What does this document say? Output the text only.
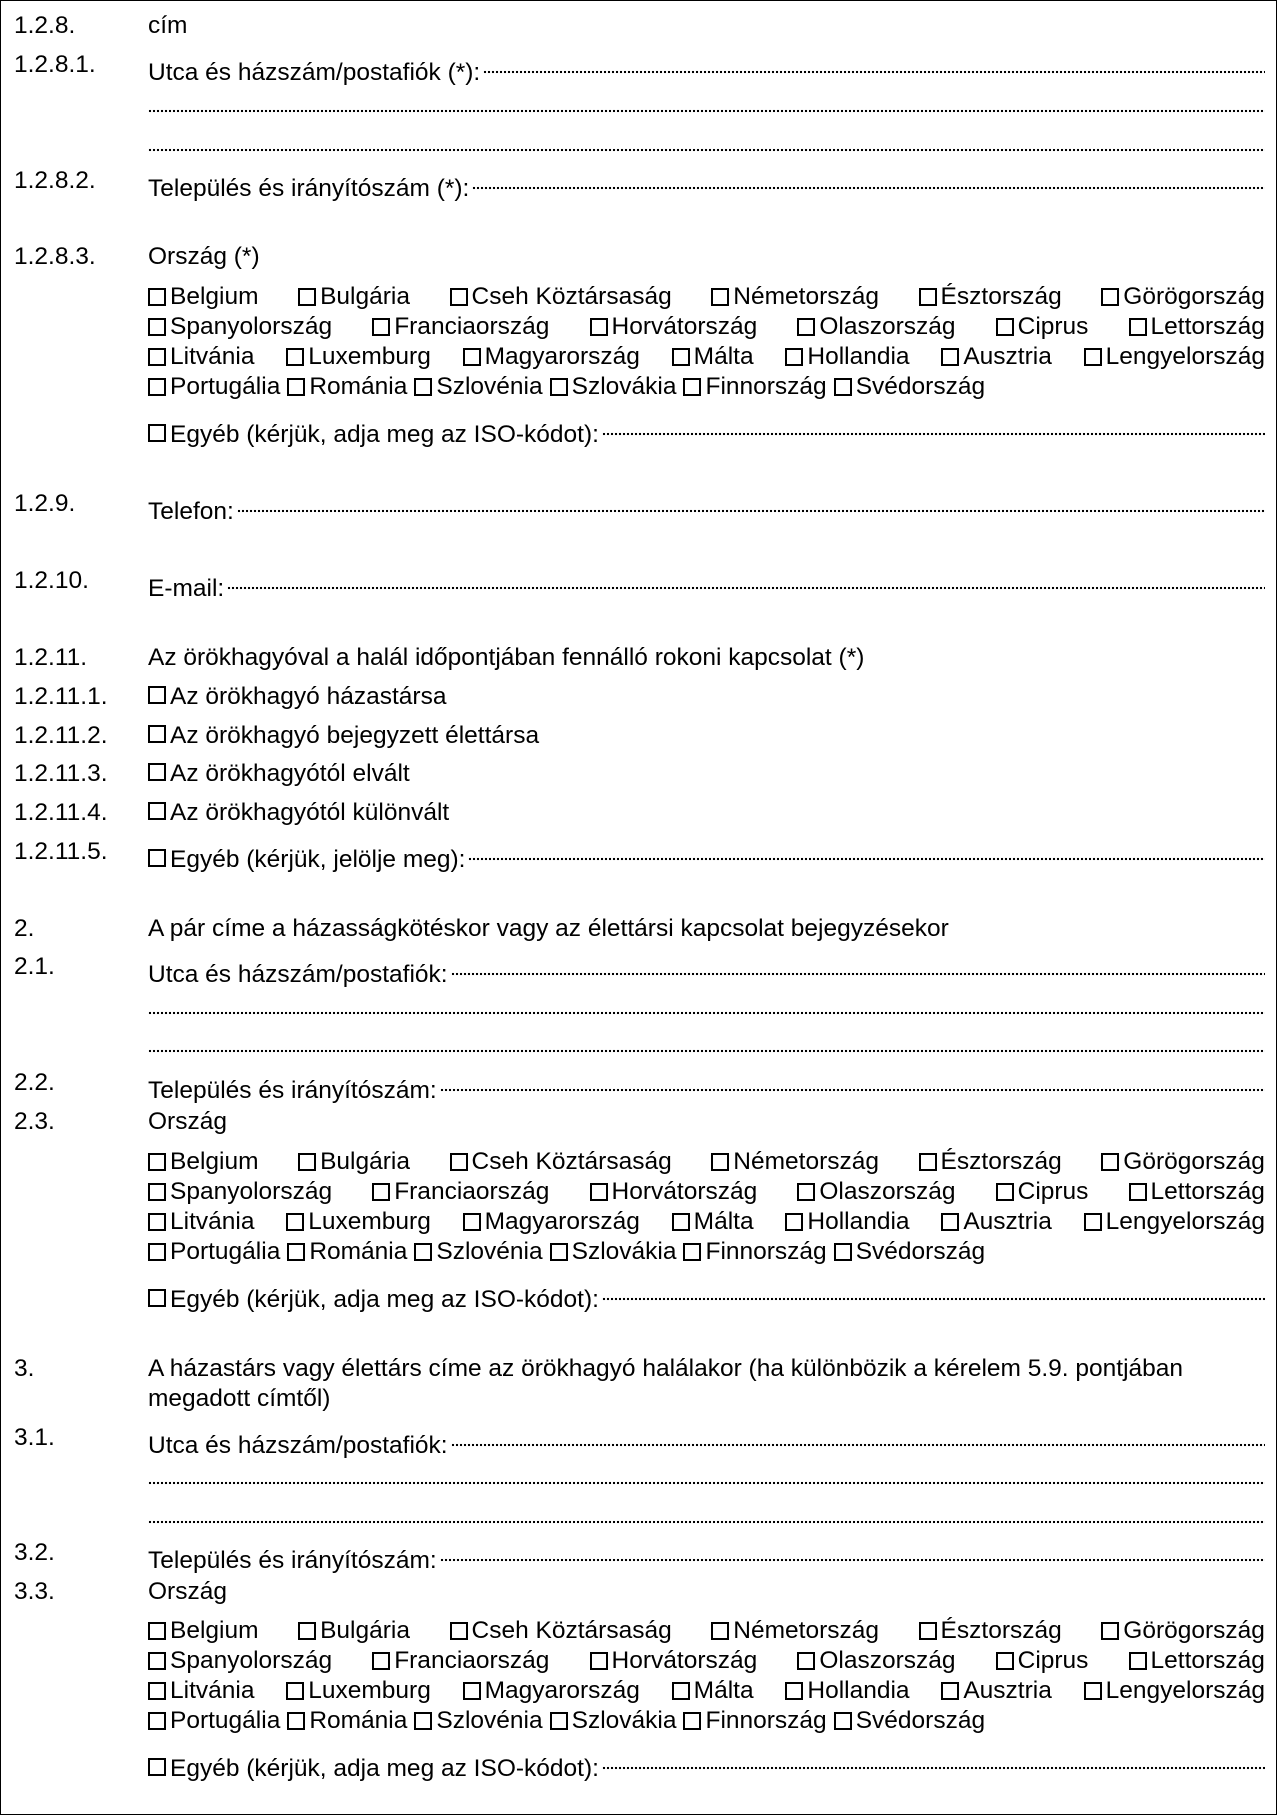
1.2.8.	cím
1.2.8.1. Utca és házszám/postafiók (*):
1.2.8.2. Település és irányítószám (*):
1.2.8.3. Ország (*)
Belgium	Bulgária	Cseh Köztársaság	Németország	Észtország	Görögország
Spanyolország	Franciaország	Horvátország	Olaszország	Ciprus	Lettország
Litvánia	Luxemburg	Magyarország	Málta	Hollandia	Ausztria	Lengyelország
Portugália	Románia	Szlovénia	Szlovákia	Finnország	Svédország
Egyéb (kérjük, adja meg az ISO-kódot):
1.2.9.	Telefon:
1.2.10. E-mail:
1.2.11. Az örökhagyóval a halál időpontjában fennálló rokoni kapcsolat (*)
1.2.11.1.	Az örökhagyó házastársa
1.2.11.2.	Az örökhagyó bejegyzett élettársa
1.2.11.3.	Az örökhagyótól elvált
1.2.11.4.	Az örökhagyótól különvált
1.2.11.5.	Egyéb (kérjük, jelölje meg):
2.	A pár címe a házasságkötéskor vagy az élettársi kapcsolat bejegyzésekor
2.1.	Utca és házszám/postafiók:
2.2.	Település és irányítószám:
2.3.	Ország
Belgium	Bulgária	Cseh Köztársaság	Németország	Észtország	Görögország
Spanyolország	Franciaország	Horvátország	Olaszország	Ciprus	Lettország
Litvánia	Luxemburg	Magyarország	Málta	Hollandia	Ausztria	Lengyelország
Portugália	Románia	Szlovénia	Szlovákia	Finnország	Svédország
Egyéb (kérjük, adja meg az ISO-kódot):
3.	A házastárs vagy élettárs címe az örökhagyó halálakor (ha különbözik a kérelem 5.9. pontjában megadott címtől)
3.1.	Utca és házszám/postafiók:
3.2.	Település és irányítószám:
3.3.	Ország
Belgium	Bulgária	Cseh Köztársaság	Németország	Észtország	Görögország
Spanyolország	Franciaország	Horvátország	Olaszország	Ciprus	Lettország
Litvánia	Luxemburg	Magyarország	Málta	Hollandia	Ausztria	Lengyelország
Portugália	Románia	Szlovénia	Szlovákia	Finnország	Svédország
Egyéb (kérjük, adja meg az ISO-kódot):
